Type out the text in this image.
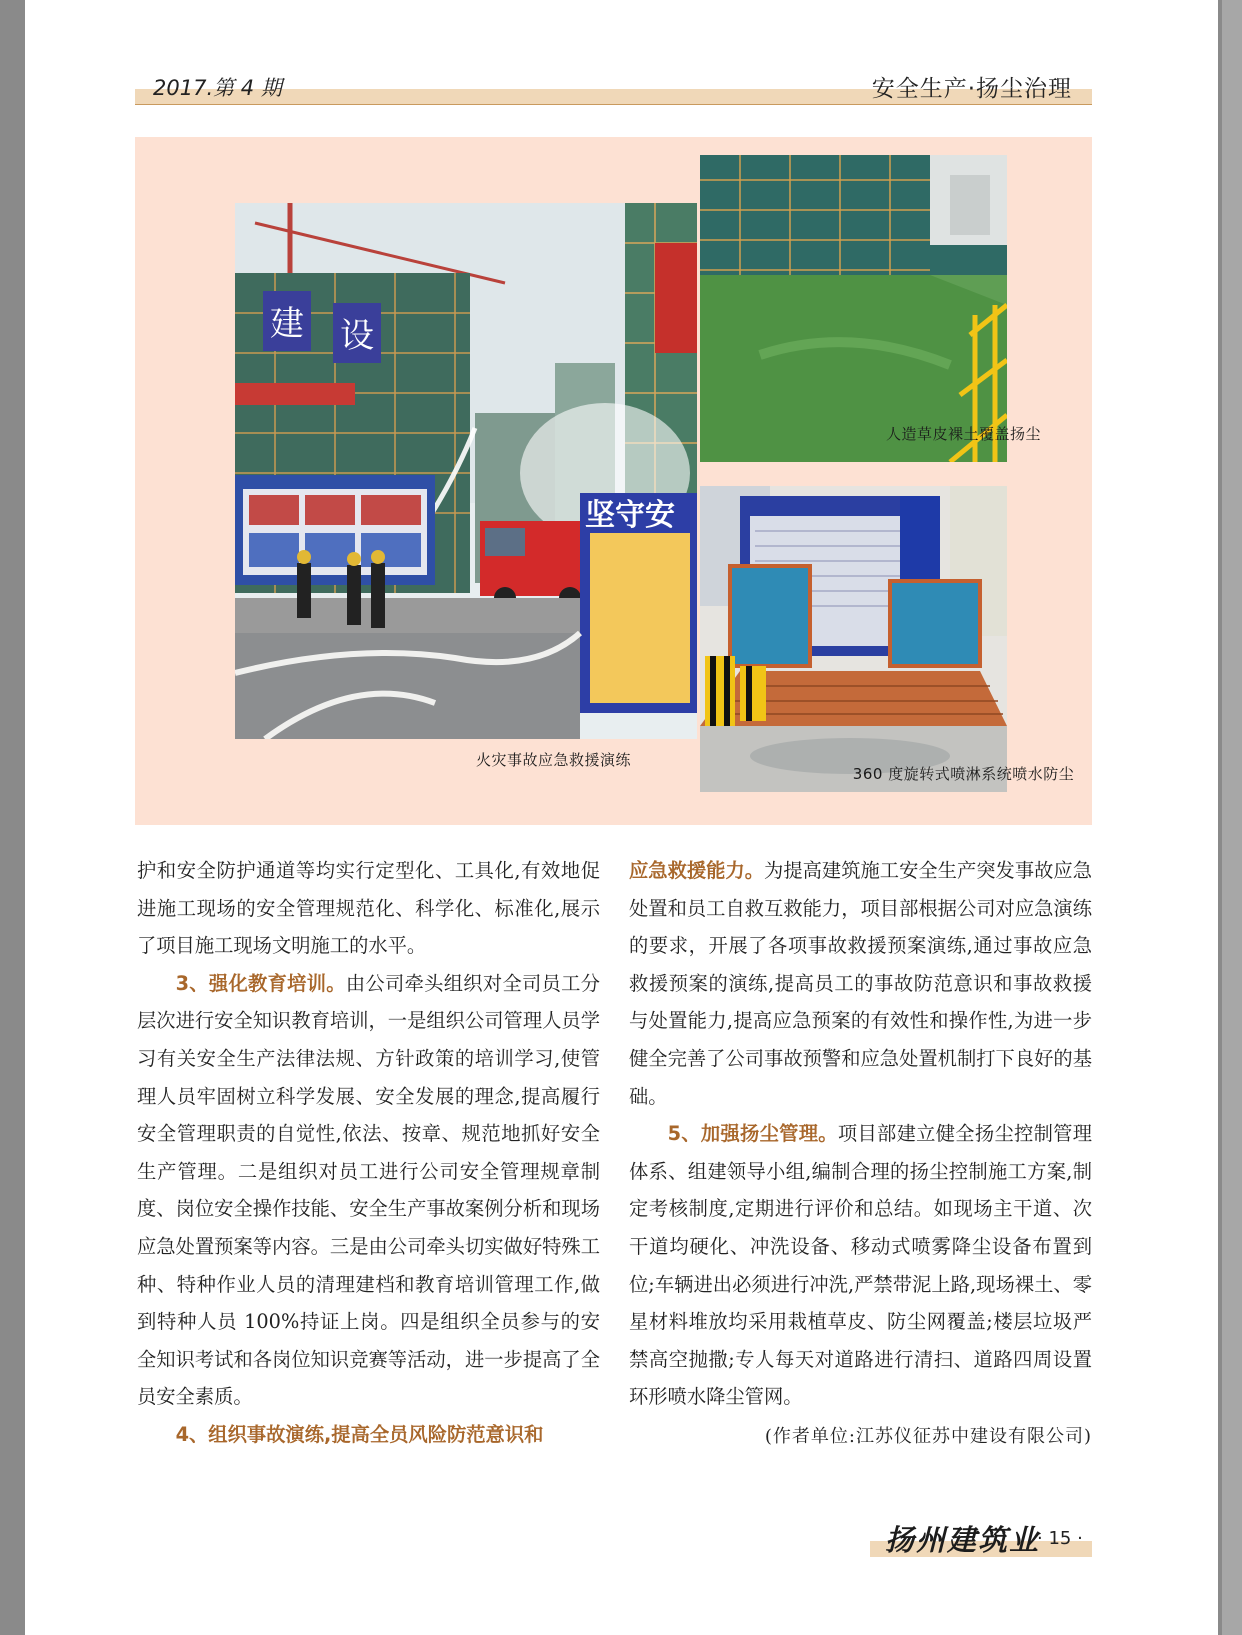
2017.第 4 期	安全生产·扬尘治理
建 设
坚守安
火灾事故应急救援演练
人造草皮裸土覆盖扬尘
360 度旋转式喷淋系统喷水防尘

护和安全防护通道等均实行定型化、工具化,有效地促进施工现场的安全管理规范化、科学化、标准化,展示了项目施工现场文明施工的水平。

3、强化教育培训。由公司牵头组织对全司员工分层次进行安全知识教育培训，一是组织公司管理人员学习有关安全生产法律法规、方针政策的培训学习,使管理人员牢固树立科学发展、安全发展的理念,提高履行安全管理职责的自觉性,依法、按章、规范地抓好安全生产管理。二是组织对员工进行公司安全管理规章制度、岗位安全操作技能、安全生产事故案例分析和现场应急处置预案等内容。三是由公司牵头切实做好特殊工种、特种作业人员的清理建档和教育培训管理工作,做到特种人员 100%持证上岗。四是组织全员参与的安全知识考试和各岗位知识竞赛等活动，进一步提高了全员安全素质。

4、组织事故演练,提高全员风险防范意识和

应急救援能力。为提高建筑施工安全生产突发事故应急处置和员工自救互救能力，项目部根据公司对应急演练的要求，开展了各项事故救援预案演练,通过事故应急救援预案的演练,提高员工的事故防范意识和事故救援与处置能力,提高应急预案的有效性和操作性,为进一步健全完善了公司事故预警和应急处置机制打下良好的基础。

5、加强扬尘管理。项目部建立健全扬尘控制管理体系、组建领导小组,编制合理的扬尘控制施工方案,制定考核制度,定期进行评价和总结。如现场主干道、次干道均硬化、冲洗设备、移动式喷雾降尘设备布置到位;车辆进出必须进行冲洗,严禁带泥上路,现场裸土、零星材料堆放均采用栽植草皮、防尘网覆盖;楼层垃圾严禁高空抛撒;专人每天对道路进行清扫、道路四周设置环形喷水降尘管网。

(作者单位:江苏仪征苏中建设有限公司)

扬州建筑业
· 15 ·
